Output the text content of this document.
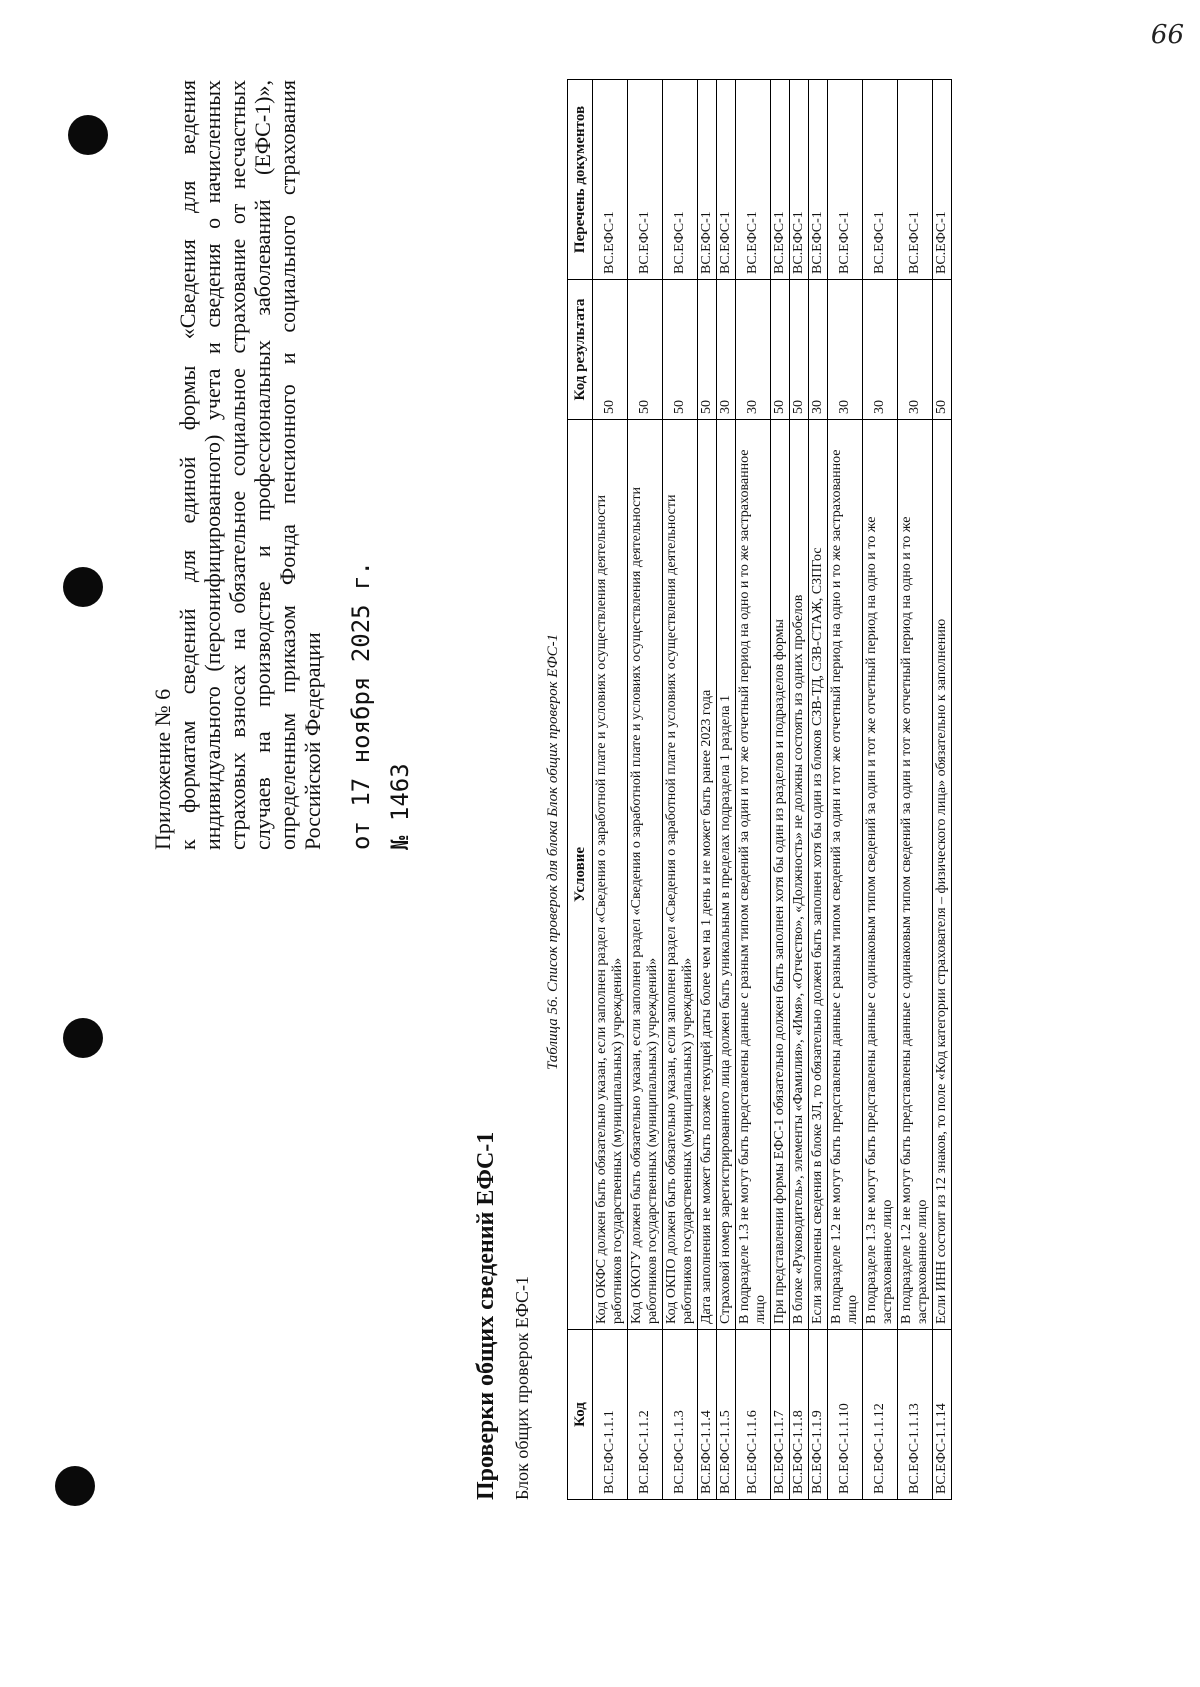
66
Приложение № 6 к форматам сведений для единой формы «Сведения для ведения индивидуального (персонифицированного) учета и сведения о начисленных страховых взносах на обязательное социальное страхование от несчастных случаев на производстве и профессиональных заболеваний (ЕФС-1)», определенным приказом Фонда пенсионного и социального страхования Российской Федерации от 17 ноября 2025 г. № 1463
Проверки общих сведений ЕФС-1 Блок общих проверок ЕФС-1
Таблица 56. Список проверок для блока Блок общих проверок ЕФС-1
Код	Условие	Код результата	Перечень документов
ВС.ЕФС-1.1.1	Код ОКФС должен быть обязательно указан, если заполнен раздел «Сведения о заработной плате и условиях осуществления деятельности работников государственных (муниципальных) учреждений»	50	ВС.ЕФС-1
ВС.ЕФС-1.1.2	Код ОКОГУ должен быть обязательно указан, если заполнен раздел «Сведения о заработной плате и условиях осуществления деятельности работников государственных (муниципальных) учреждений»	50	ВС.ЕФС-1
ВС.ЕФС-1.1.3	Код ОКПО должен быть обязательно указан, если заполнен раздел «Сведения о заработной плате и условиях осуществления деятельности работников государственных (муниципальных) учреждений»	50	ВС.ЕФС-1
ВС.ЕФС-1.1.4	Дата заполнения не может быть позже текущей даты более чем на 1 день и не может быть ранее 2023 года	50	ВС.ЕФС-1
ВС.ЕФС-1.1.5	Страховой номер зарегистрированного лица должен быть уникальным в пределах подраздела 1 раздела 1	30	ВС.ЕФС-1
ВС.ЕФС-1.1.6	В подразделе 1.3 не могут быть представлены данные с разным типом сведений за один и тот же отчетный период на одно и то же застрахованное лицо	30	ВС.ЕФС-1
ВС.ЕФС-1.1.7	При представлении формы ЕФС-1 обязательно должен быть заполнен хотя бы один из разделов и подразделов формы	50	ВС.ЕФС-1
ВС.ЕФС-1.1.8	В блоке «Руководитель», элементы «Фамилия», «Имя», «Отчество», «Должность» не должны состоять из одних пробелов	50	ВС.ЕФС-1
ВС.ЕФС-1.1.9	Если заполнены сведения в блоке ЗЛ, то обязательно должен быть заполнен хотя бы один из блоков СЗВ-ТД, СЗВ-СТАЖ, СЗПГос	30	ВС.ЕФС-1
ВС.ЕФС-1.1.10	В подразделе 1.2 не могут быть представлены данные с разным типом сведений за один и тот же отчетный период на одно и то же застрахованное лицо	30	ВС.ЕФС-1
ВС.ЕФС-1.1.12	В подразделе 1.3 не могут быть представлены данные с одинаковым типом сведений за один и тот же отчетный период на одно и то же застрахованное лицо	30	ВС.ЕФС-1
ВС.ЕФС-1.1.13	В подразделе 1.2 не могут быть представлены данные с одинаковым типом сведений за один и тот же отчетный период на одно и то же застрахованное лицо	30	ВС.ЕФС-1
ВС.ЕФС-1.1.14	Если ИНН состоит из 12 знаков, то поле «Код категории страхователя – физического лица» обязательно к заполнению	50	ВС.ЕФС-1
